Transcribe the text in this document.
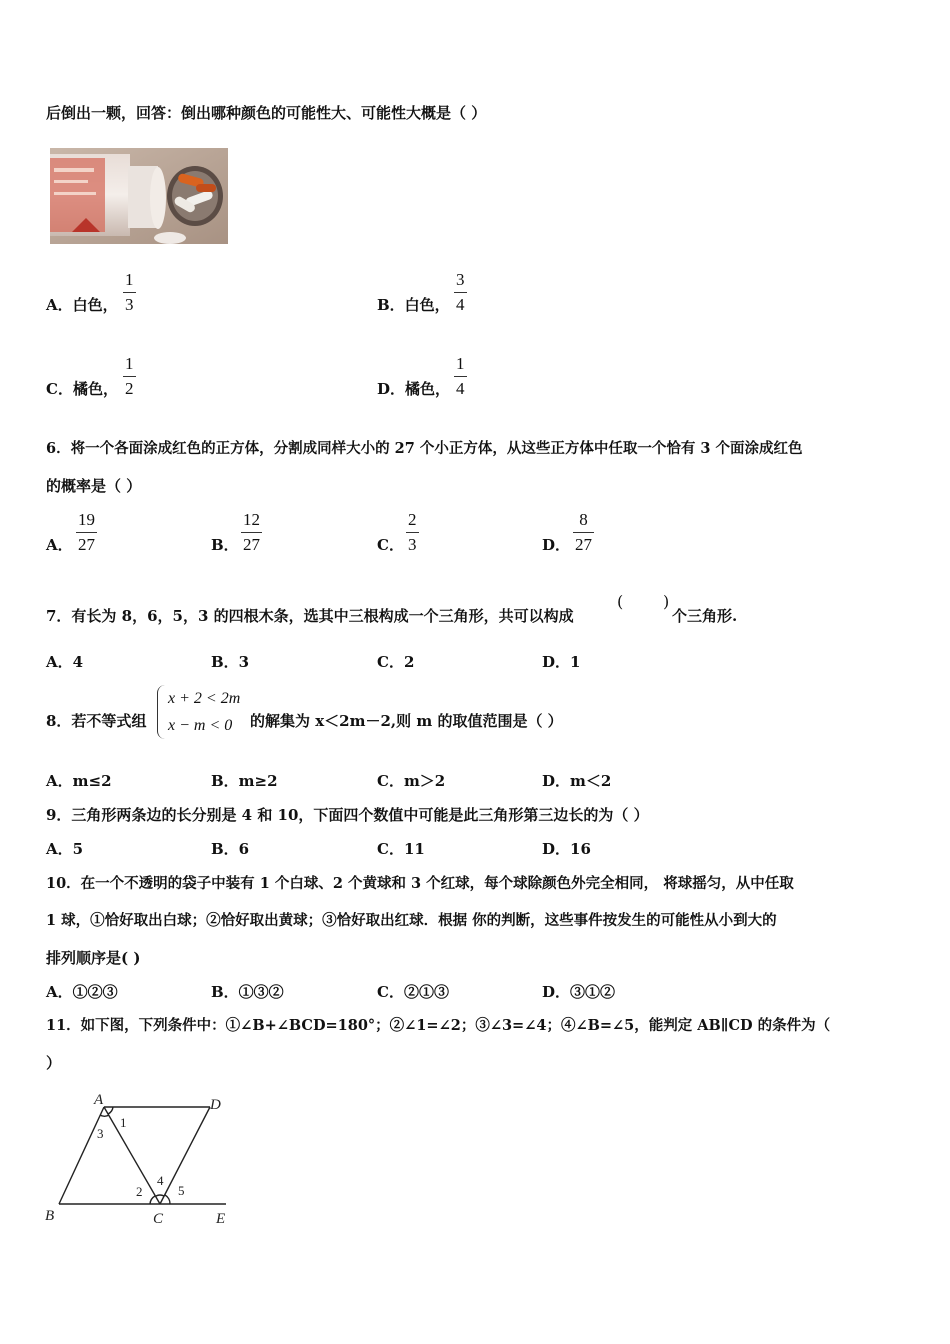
后倒出一颗，回答：倒出哪种颜色的可能性大、可能性大概是（ ）
A．白色，
1
3	B．白色，
3
4
C．橘色，
1
2	D．橘色，
1
4
6．将一个各面涂成红色的正方体，分割成同样大小的 27 个小正方体，从这些正方体中任取一个恰有 3 个面涂成红色
的概率是（ ）
A．
19
27	B．
12
27	C．
2
3	D．
8
27
7．有长为 8，6，5，3 的四根木条，选其中三根构成一个三角形，共可以构成
( )
个三角形.
A．4	B．3	C．2	D．1
8．若不等式组
x + 2 < 2m
x − m < 0	的解集为 x＜2m－2,则 m 的取值范围是（ ）
A．m≤2	B．m≥2	C．m＞2	D．m＜2
9．三角形两条边的长分别是 4 和 10，下面四个数值中可能是此三角形第三边长的为（ ）
A．5	B．6	C．11	D．16
10．在一个不透明的袋子中装有 1 个白球、2 个黄球和 3 个红球，每个球除颜色外完全相同， 将球摇匀，从中任取
1 球，①恰好取出白球；②恰好取出黄球；③恰好取出红球．根据 你的判断，这些事件按发生的可能性从小到大的
排列顺序是( )
A．①②③	B．①③②	C．②①③	D．③①②
11．如下图，下列条件中：①∠B+∠BCD=180°；②∠1=∠2；③∠3=∠4；④∠B=∠5，能判定 AB∥CD 的条件为（
）
A
B	C
D
E
1
3
2
4
5
